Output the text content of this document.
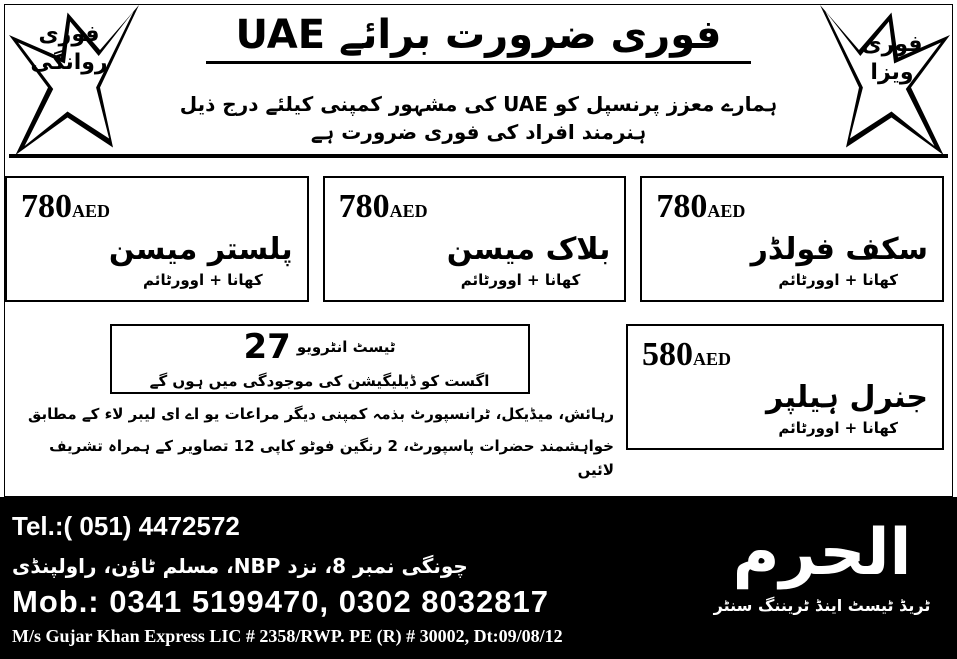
فوری
ویزا
فوری
روانگی
فوری ضرورت برائے UAE
ہمارے معزز پرنسپل کو UAE کی مشہور کمپنی کیلئے درج ذیل ہنرمند افراد کی فوری ضرورت ہے
780AED
پلستر میسن
کھانا + اوورٹائم
780AED
بلاک میسن
کھانا + اوورٹائم
780AED
سکف فولڈر
کھانا + اوورٹائم
ٹیسٹ انٹرویو
27
اگست کو ڈیلیگیشن کی موجودگی میں ہوں گے
رہائش، میڈیکل، ٹرانسپورٹ بذمہ کمپنی دیگر مراعات یو اے ای لیبر لاء کے مطابق
خواہشمند حضرات پاسپورٹ، 2 رنگین فوٹو کاپی 12 تصاویر کے ہمراہ تشریف لائیں
580AED
جنرل ہیلپر
کھانا + اوورٹائم
Tel.:( 051) 4472572
چونگی نمبر 8، نزد NBP، مسلم ٹاؤن، راولپنڈی
Mob.: 0341 5199470, 0302 8032817
M/s Gujar Khan Express LIC # 2358/RWP. PE (R) # 30002, Dt:09/08/12
الحرم
ٹریڈ ٹیسٹ اینڈ ٹریننگ سنٹر
